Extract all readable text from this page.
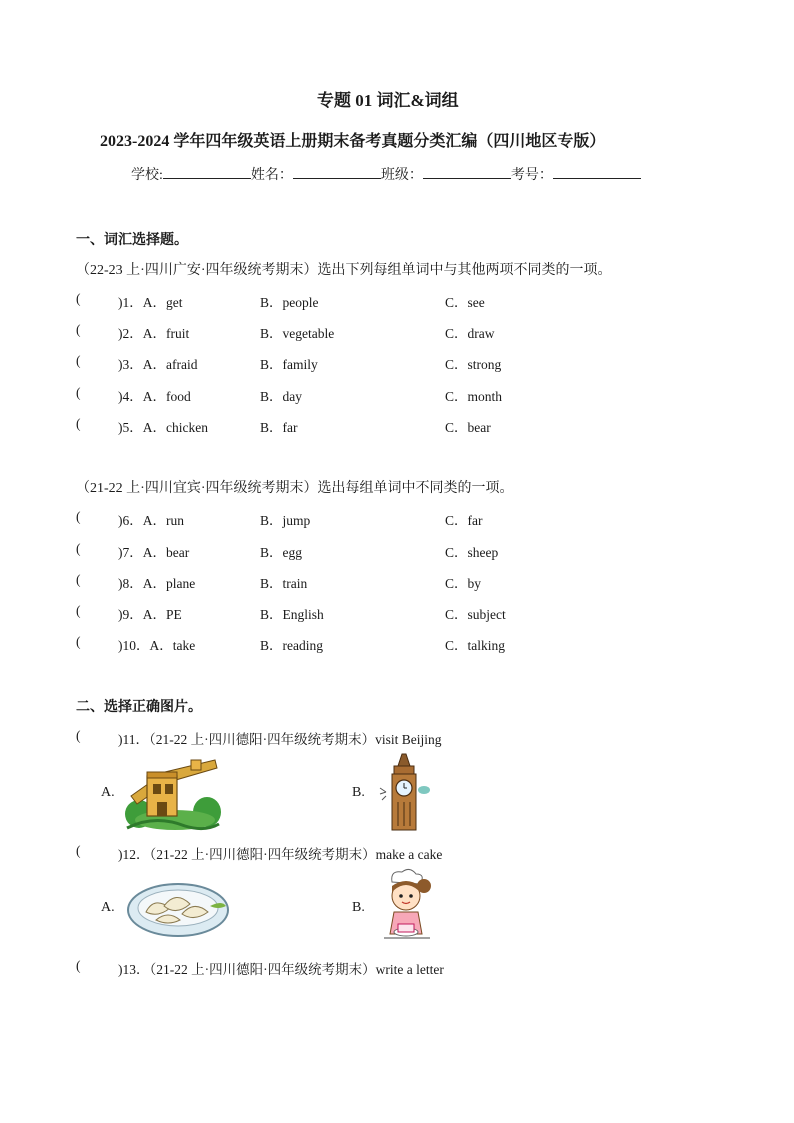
专题 01 词汇&词组
2023-2024 学年四年级英语上册期末备考真题分类汇编（四川地区专版）
学校:	姓名：	班级：	考号：
一、词汇选择题。
（22-23 上·四川广安·四年级统考期末）选出下列每组单词中与其他两项不同类的一项。
(	)1．A．get	B．people	C．see
(	)2．A．fruit	B．vegetable	C．draw
(	)3．A．afraid	B．family	C．strong
(	)4．A．food	B．day	C．month
(	)5．A．chicken	B．far	C．bear
（21-22 上·四川宜宾·四年级统考期末）选出每组单词中不同类的一项。
(	)6．A．run	B．jump	C．far
(	)7．A．bear	B．egg	C．sheep
(	)8．A．plane	B．train	C．by
(	)9．A．PE	B．English	C．subject
(	)10．A．take	B．reading	C．talking
二、选择正确图片。
(	)11．（21-22 上·四川德阳·四年级统考期末）visit Beijing
A.	B.
(	)12．（21-22 上·四川德阳·四年级统考期末）make a cake
A.	B.
(	)13．（21-22 上·四川德阳·四年级统考期末）write a letter
